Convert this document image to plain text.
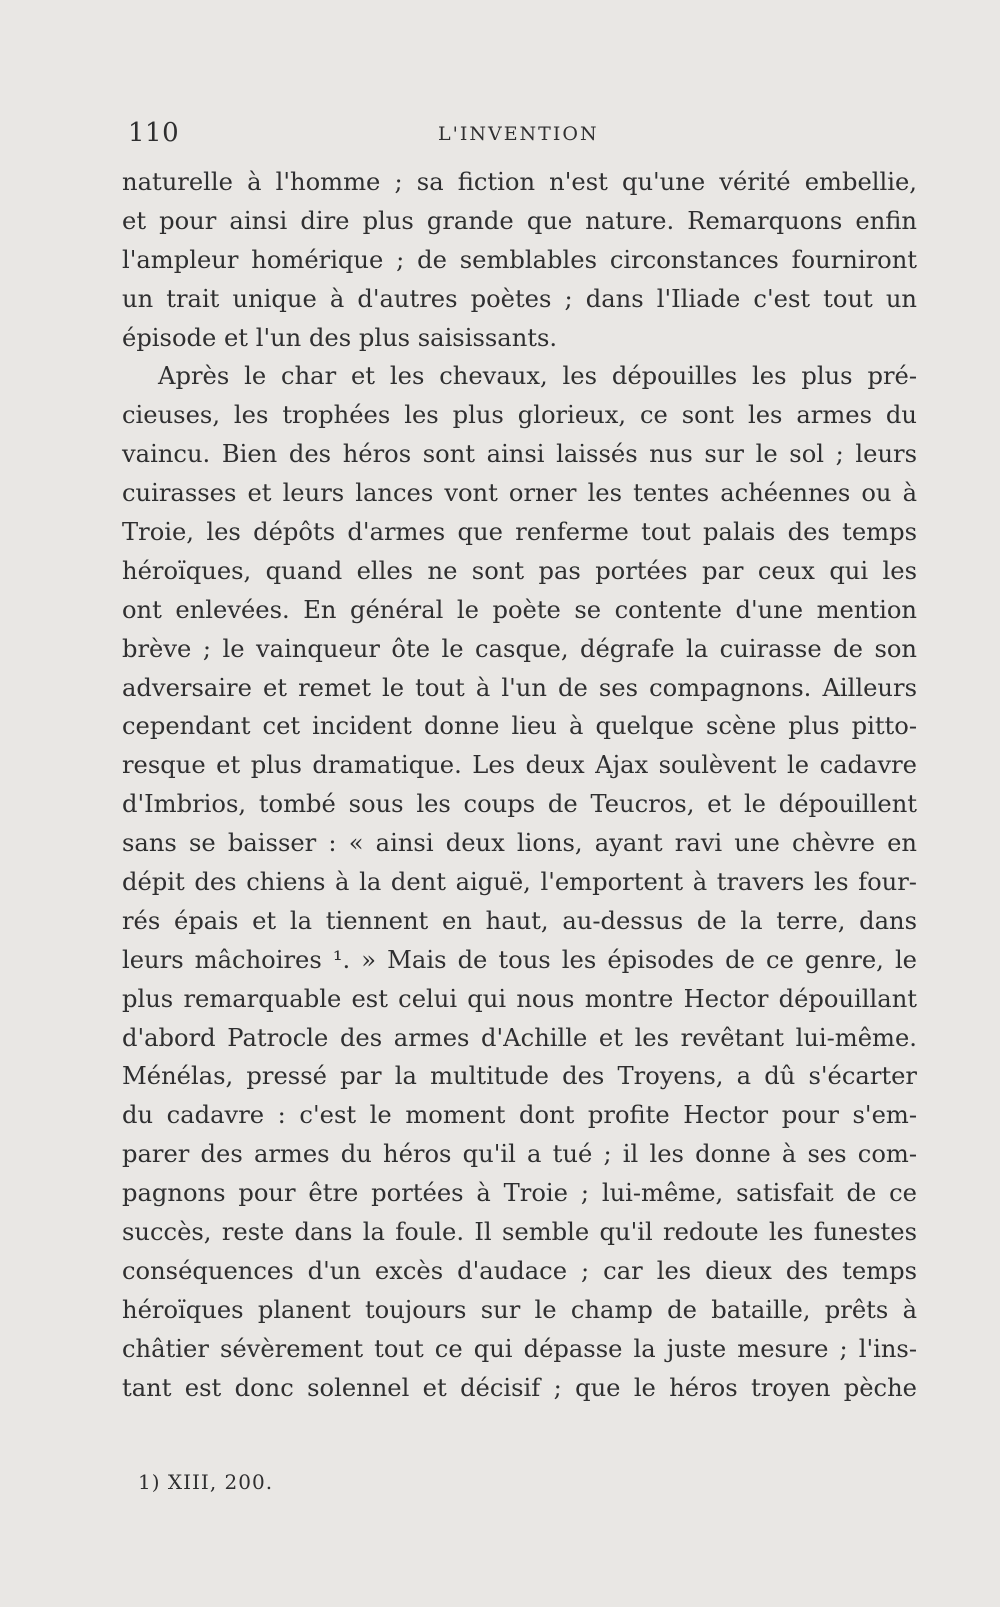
110	L'INVENTION
naturelle à l'homme ; sa fiction n'est qu'une vérité embellie,
et pour ainsi dire plus grande que nature. Remarquons enfin
l'ampleur homérique ; de semblables circonstances fourniront
un trait unique à d'autres poètes ; dans l'Iliade c'est tout un
épisode et l'un des plus saisissants.
Après le char et les chevaux, les dépouilles les plus pré-
cieuses, les trophées les plus glorieux, ce sont les armes du
vaincu. Bien des héros sont ainsi laissés nus sur le sol ; leurs
cuirasses et leurs lances vont orner les tentes achéennes ou à
Troie, les dépôts d'armes que renferme tout palais des temps
héroïques, quand elles ne sont pas portées par ceux qui les
ont enlevées. En général le poète se contente d'une mention
brève ; le vainqueur ôte le casque, dégrafe la cuirasse de son
adversaire et remet le tout à l'un de ses compagnons. Ailleurs
cependant cet incident donne lieu à quelque scène plus pitto-
resque et plus dramatique. Les deux Ajax soulèvent le cadavre
d'Imbrios, tombé sous les coups de Teucros, et le dépouillent
sans se baisser : « ainsi deux lions, ayant ravi une chèvre en
dépit des chiens à la dent aiguë, l'emportent à travers les four-
rés épais et la tiennent en haut, au-dessus de la terre, dans
leurs mâchoires ¹. » Mais de tous les épisodes de ce genre, le
plus remarquable est celui qui nous montre Hector dépouillant
d'abord Patrocle des armes d'Achille et les revêtant lui-même.
Ménélas, pressé par la multitude des Troyens, a dû s'écarter
du cadavre : c'est le moment dont profite Hector pour s'em-
parer des armes du héros qu'il a tué ; il les donne à ses com-
pagnons pour être portées à Troie ; lui-même, satisfait de ce
succès, reste dans la foule. Il semble qu'il redoute les funestes
conséquences d'un excès d'audace ; car les dieux des temps
héroïques planent toujours sur le champ de bataille, prêts à
châtier sévèrement tout ce qui dépasse la juste mesure ; l'ins-
tant est donc solennel et décisif ; que le héros troyen pèche
1) XIII, 200.
